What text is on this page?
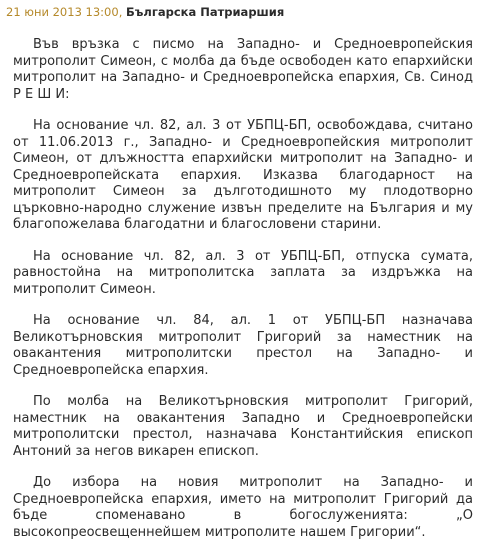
21 юни 2013 13:00, Българска Патриаршия

Във връзка с писмо на Западно- и Средноевропейския митрополит Симеон, с молба да бъде освободен като епархийски митрополит на Западно- и Средноевропейска епархия, Св. Синод Р Е Ш И:

На основание чл. 82, ал. 3 от УБПЦ-БП, освобождава, считано от 11.06.2013 г., Западно- и Средноевропейския митрополит Симеон, от длъжността епархийски митрополит на Западно- и Средноевропейската епархия. Изказва благодарност на митрополит Симеон за дълготодишното му плодотворно църковно-народно служение извън пределите на България и му благопожелава благодатни и благословени старини.

На основание чл. 82, ал. 3 от УБПЦ-БП, отпуска сумата, равностойна на митрополитска заплата за издръжка на митрополит Симеон.

На основание чл. 84, ал. 1 от УБПЦ-БП назначава Великотърновския митрополит Григорий за наместник на овакантения митрополитски престол на Западно- и Средноевропейска епархия.

По молба на Великотърновския митрополит Григорий, наместник на овакантения Западно и Средноевропейски митрополитски престол, назначава Константийския епископ Антоний за негов викарен епископ.

До избора на новия митрополит на Западно- и Средноевропейска епархия, името на митрополит Григорий да бъде споменавано в богослуженията: „О высокопреосвещеннейшем митрополите нашем Григории“.
